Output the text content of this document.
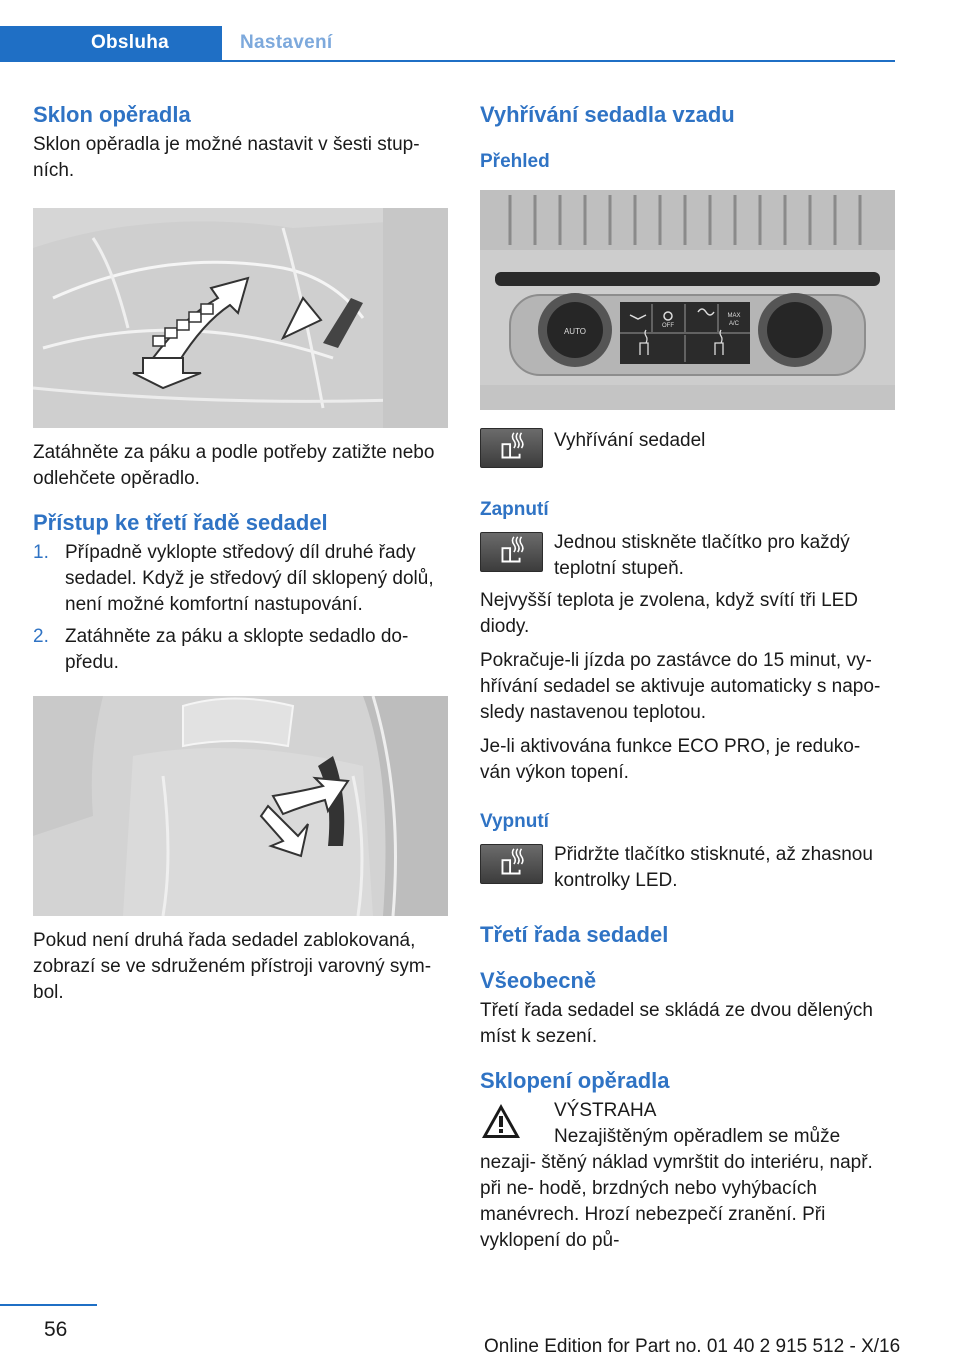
Obsluha	Nastavení
Sklon opěradla
Sklon opěradla je možné nastavit v šesti stup‐ ních.
Zatáhněte za páku a podle potřeby zatižte nebo odlehčete opěradlo.
Přístup ke třetí řadě sedadel
1. Případně vyklopte středový díl druhé řady sedadel. Když je středový díl sklopený dolů, není možné komfortní nastupování.
2. Zatáhněte za páku a sklopte sedadlo do‐ předu.
Pokud není druhá řada sedadel zablokovaná, zobrazí se ve sdruženém přístroji varovný sym‐ bol.
Vyhřívání sedadla vzadu
Přehled
AUTO
OFF
MAX
A/C
Vyhřívání sedadel
Zapnutí
Jednou stiskněte tlačítko pro každý teplotní stupeň.
Nejvyšší teplota je zvolena, když svítí tři LED diody.
Pokračuje-li jízda po zastávce do 15 minut, vy‐ hřívání sedadel se aktivuje automaticky s napo‐ sledy nastavenou teplotou.
Je-li aktivována funkce ECO PRO, je reduko‐ ván výkon topení.
Vypnutí
Přidržte tlačítko stisknuté, až zhasnou kontrolky LED.
Třetí řada sedadel
Všeobecně
Třetí řada sedadel se skládá ze dvou dělených míst k sezení.
Sklopení opěradla
VÝSTRAHA
Nezajištěným opěradlem se může nezaji‐ štěný náklad vymrštit do interiéru, např. při ne‐ hodě, brzdných nebo vyhýbacích manévrech. Hrozí nebezpečí zranění. Při vyklopení do pů‐
56
Online Edition for Part no. 01 40 2 915 512 - X/16
